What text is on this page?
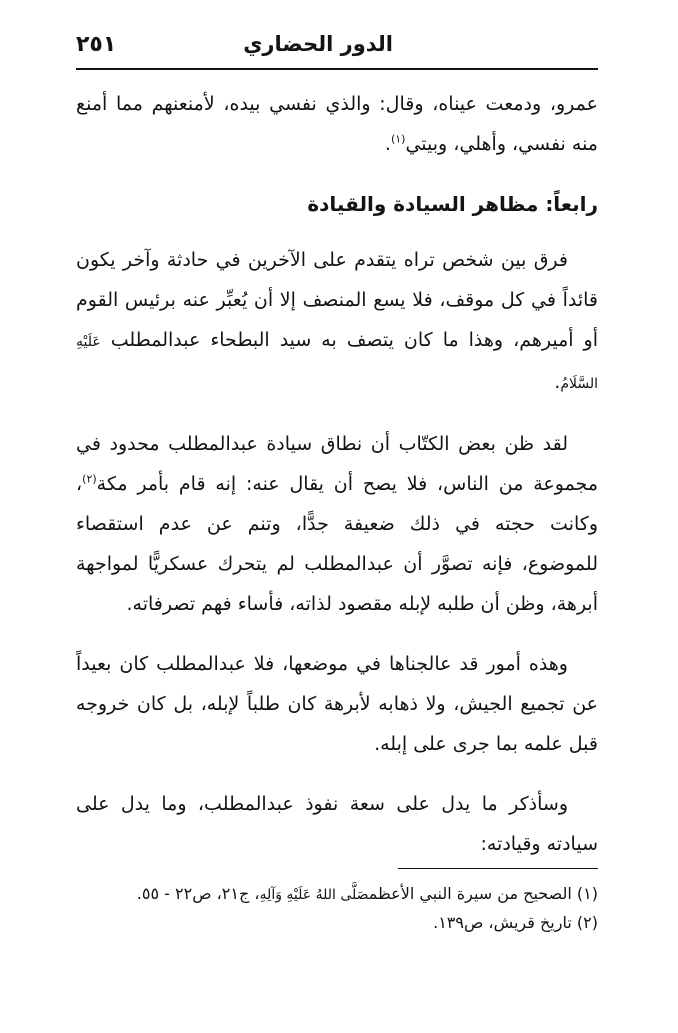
الدور الحضاري
٢٥١

عمرو، ودمعت عيناه، وقال: والذي نفسي بيده، لأمنعنهم مما أمنع منه نفسي، وأهلي، وبيتي$^{(١)}$.

رابعاً: مظاهر السيادة والقيادة

فرق بين شخص تراه يتقدم على الآخرين في حادثة وآخر يكون قائداً في كل موقف، فلا يسع المنصف إلا أن يُعبِّر عنه برئيس القوم أو أميرهم، وهذا ما كان يتصف به سيد البطحاء عبدالمطلب عَلَيْهِ السَّلَامُ.

لقد ظن بعض الكتّاب أن نطاق سيادة عبدالمطلب محدود في مجموعة من الناس، فلا يصح أن يقال عنه: إنه قام بأمر مكة$^{(٢)}$، وكانت حجته في ذلك ضعيفة جدًّا، وتنم عن عدم استقصاء للموضوع، فإنه تصوَّر أن عبدالمطلب لم يتحرك عسكريًّا لمواجهة أبرهة، وظن أن طلبه لإبله مقصود لذاته، فأساء فهم تصرفاته.

وهذه أمور قد عالجناها في موضعها، فلا عبدالمطلب كان بعيداً عن تجميع الجيش، ولا ذهابه لأبرهة كان طلباً لإبله، بل كان خروجه قبل علمه بما جرى على إبله.

وسأذكر ما يدل على سعة نفوذ عبدالمطلب، وما يدل على سيادته وقيادته:

(١) الصحيح من سيرة النبي الأعظمصَلَّى اللهُ عَلَيْهِ وَآلِهِ، ج٢١، ص٢٢ - ٥٥.
(٢) تاريخ قريش، ص١٣٩.
